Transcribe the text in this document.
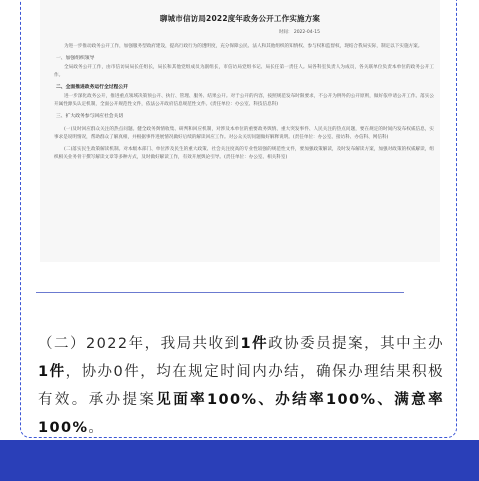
聊城市信访局2022度年政务公开工作实施方案
时间： 2022-04-15

为进一步推动政务公开工作，加强服务型政府建设，提高行政行为的透明度，充分保障公民、法人和其他组织的知情权、参与权和监督权，现结合我局实际，制定以下实施方案。

一、加强组织领导

全局政务公开工作，由市信访局局长任组长，局长和其他党组成员为副组长，市信访局党组书记、局长任第一责任人。局各科室负责人为成员，各关联单位负责本单位的政务公开工作。

二、全面推进政务运行全过程公开

进一步深化政务公开，推进重点领域决策预公开、执行、管理、服务、结果公开。对于公开的内容，按照规范发布时限要求，不公开为例外的公开原则，做好依申请公开工作。落实公开属性源头认定机制，全面公开规范性文件，依法公开政府信息规范性文件。(责任单位：办公室、科技信息科)

三、扩大政务参与回应社会关切

(一)及时回应群众关注的热点问题。健全政务舆情收集、研判和回应机制，对涉及本单位的重要政务舆情、重大突发事件、人民关注的热点问题，要在规定的时间内发布权威信息，实事求是说明情况，帮助群众了解真相，并根据事件进展情况做好后续的解读回应工作。对公众关切问题做好解释说明。(责任单位：办公室、接访科、办信科、网信科)

(二)落实民生政策解读机制。对本级本部门、单位涉及民生的重大政策、社会关注度高的专业性较强的规范性文件，要加强政策解读，及时发布解读方案，加强对政策的权威解读，组织相关业务骨干撰写解读文章等多种方式，及时做好解读工作，有效开展舆论引导。(责任单位：办公室、相关科室)

（二）2022年，我局共收到1件政协委员提案，其中主办1件，协办0件，均在规定时间内办结，确保办理结果积极有效。承办提案见面率100%、办结率100%、满意率100%。
